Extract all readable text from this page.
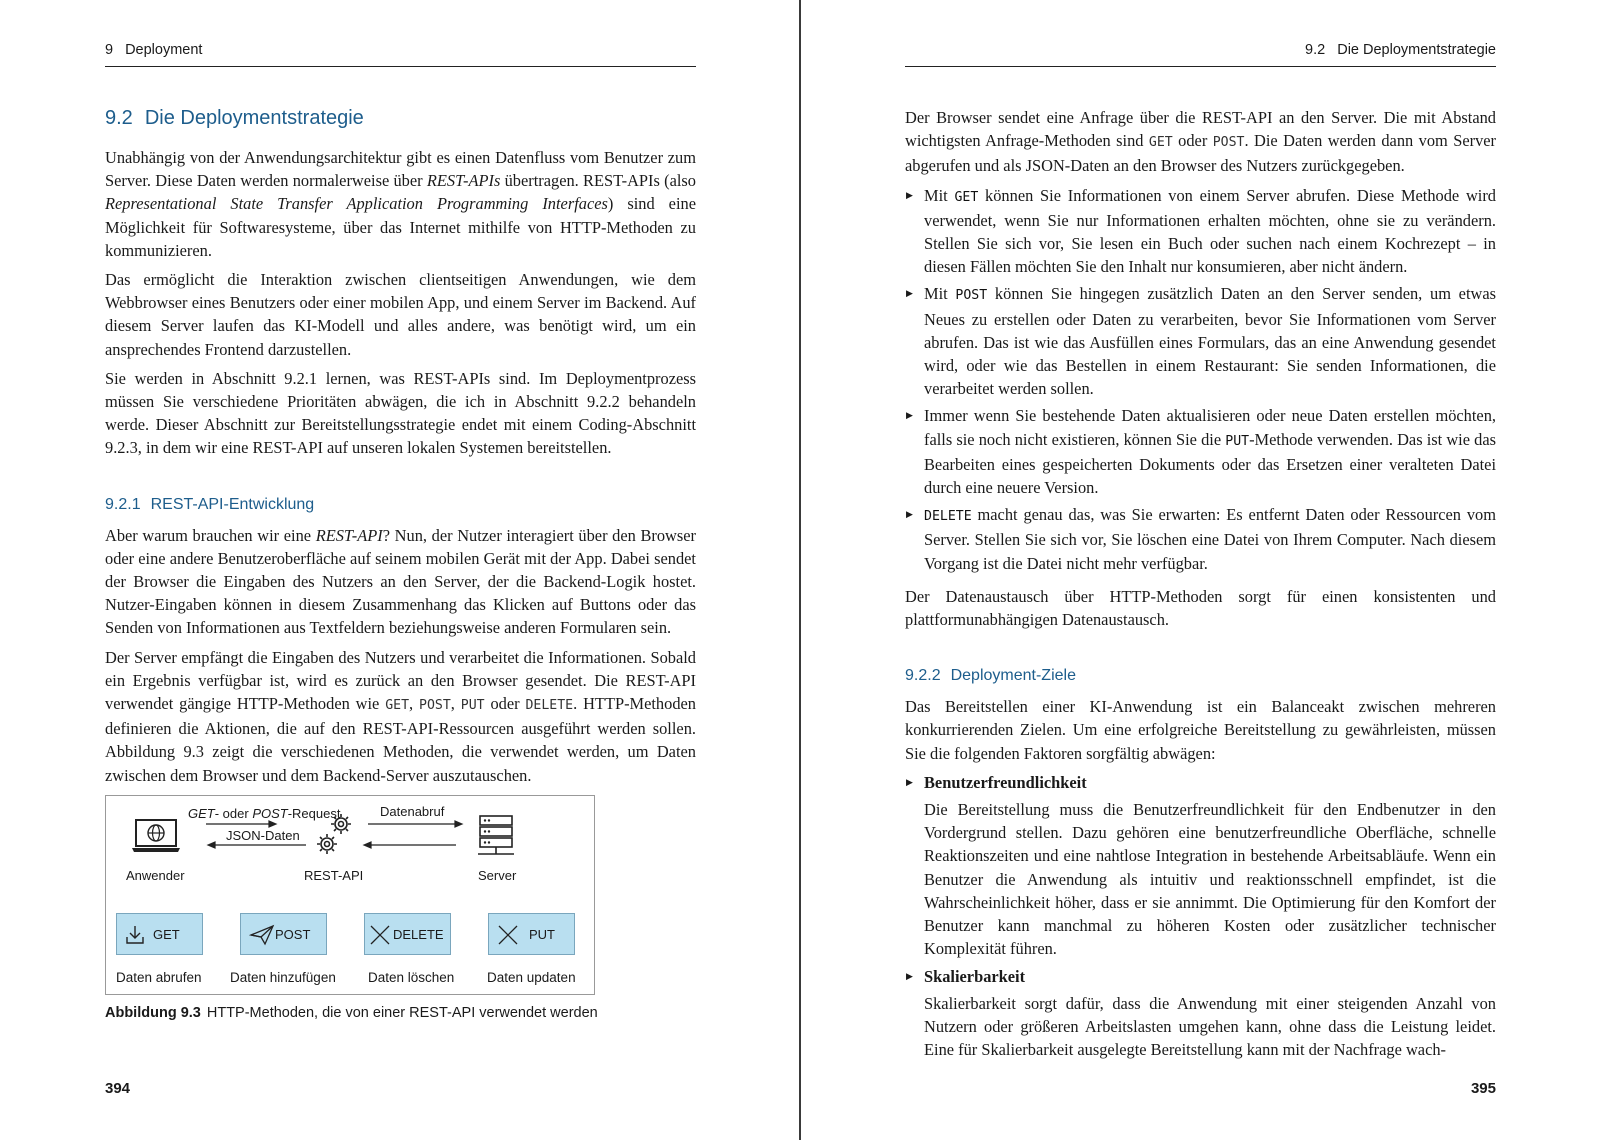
9 Deployment
9.2 Die Deploymentstrategie

Unabhängig von der Anwendungsarchitektur gibt es einen Datenfluss vom Benutzer zum Server. Diese Daten werden normalerweise über REST-APIs übertragen. REST-APIs (also Representational State Transfer Application Programming Interfaces) sind eine Möglichkeit für Softwaresysteme, über das Internet mithilfe von HTTP-Methoden zu kommunizieren.

Das ermöglicht die Interaktion zwischen clientseitigen Anwendungen, wie dem Webbrowser eines Benutzers oder einer mobilen App, und einem Server im Backend. Auf diesem Server laufen das KI-Modell und alles andere, was benötigt wird, um ein ansprechendes Frontend darzustellen.

Sie werden in Abschnitt 9.2.1 lernen, was REST-APIs sind. Im Deploymentprozess müssen Sie verschiedene Prioritäten abwägen, die ich in Abschnitt 9.2.2 behandeln werde. Dieser Abschnitt zur Bereitstellungsstrategie endet mit einem Coding-Abschnitt 9.2.3, in dem wir eine REST-API auf unseren lokalen Systemen bereitstellen.

9.2.1 REST-API-Entwicklung

Aber warum brauchen wir eine REST-API? Nun, der Nutzer interagiert über den Browser oder eine andere Benutzeroberfläche auf seinem mobilen Gerät mit der App. Dabei sendet der Browser die Eingaben des Nutzers an den Server, der die Backend-Logik hostet. Nutzer-Eingaben können in diesem Zusammenhang das Klicken auf Buttons oder das Senden von Informationen aus Textfeldern beziehungsweise anderen Formularen sein.

Der Server empfängt die Eingaben des Nutzers und verarbeitet die Informationen. Sobald ein Ergebnis verfügbar ist, wird es zurück an den Browser gesendet. Die REST-API verwendet gängige HTTP-Methoden wie GET, POST, PUT oder DELETE. HTTP-Methoden definieren die Aktionen, die auf den REST-API-Ressourcen ausgeführt werden sollen. Abbildung 9.3 zeigt die verschiedenen Methoden, die verwendet werden, um Daten zwischen dem Browser und dem Backend-Server auszutauschen.

GET- oder POST-Request
JSON-Daten
Datenabruf
Anwender	REST-API	Server
GET	POST	DELETE	PUT
Daten abrufen Daten hinzufügen Daten löschen Daten updaten
Abbildung 9.3 HTTP-Methoden, die von einer REST-API verwendet werden
394
9.2 Die Deploymentstrategie

Der Browser sendet eine Anfrage über die REST-API an den Server. Die mit Abstand wichtigsten Anfrage-Methoden sind GET oder POST. Die Daten werden dann vom Server abgerufen und als JSON-Daten an den Browser des Nutzers zurückgegeben.

▶ Mit GET können Sie Informationen von einem Server abrufen. Diese Methode wird verwendet, wenn Sie nur Informationen erhalten möchten, ohne sie zu verändern. Stellen Sie sich vor, Sie lesen ein Buch oder suchen nach einem Kochrezept – in diesen Fällen möchten Sie den Inhalt nur konsumieren, aber nicht ändern.
▶ Mit POST können Sie hingegen zusätzlich Daten an den Server senden, um etwas Neues zu erstellen oder Daten zu verarbeiten, bevor Sie Informationen vom Server abrufen. Das ist wie das Ausfüllen eines Formulars, das an eine Anwendung gesendet wird, oder wie das Bestellen in einem Restaurant: Sie senden Informationen, die verarbeitet werden sollen.
▶ Immer wenn Sie bestehende Daten aktualisieren oder neue Daten erstellen möchten, falls sie noch nicht existieren, können Sie die PUT-Methode verwenden. Das ist wie das Bearbeiten eines gespeicherten Dokuments oder das Ersetzen einer veralteten Datei durch eine neuere Version.
▶ DELETE macht genau das, was Sie erwarten: Es entfernt Daten oder Ressourcen vom Server. Stellen Sie sich vor, Sie löschen eine Datei von Ihrem Computer. Nach diesem Vorgang ist die Datei nicht mehr verfügbar.

Der Datenaustausch über HTTP-Methoden sorgt für einen konsistenten und plattformunabhängigen Datenaustausch.

9.2.2 Deployment-Ziele

Das Bereitstellen einer KI-Anwendung ist ein Balanceakt zwischen mehreren konkurrierenden Zielen. Um eine erfolgreiche Bereitstellung zu gewährleisten, müssen Sie die folgenden Faktoren sorgfältig abwägen:

▶ Benutzerfreundlichkeit
Die Bereitstellung muss die Benutzerfreundlichkeit für den Endbenutzer in den Vordergrund stellen. Dazu gehören eine benutzerfreundliche Oberfläche, schnelle Reaktionszeiten und eine nahtlose Integration in bestehende Arbeitsabläufe. Wenn ein Benutzer die Anwendung als intuitiv und reaktionsschnell empfindet, ist die Wahrscheinlichkeit höher, dass er sie annimmt. Die Optimierung für den Komfort der Benutzer kann manchmal zu höheren Kosten oder zusätzlicher technischer Komplexität führen.
▶ Skalierbarkeit
Skalierbarkeit sorgt dafür, dass die Anwendung mit einer steigenden Anzahl von Nutzern oder größeren Arbeitslasten umgehen kann, ohne dass die Leistung leidet. Eine für Skalierbarkeit ausgelegte Bereitstellung kann mit der Nachfrage wach-
395
